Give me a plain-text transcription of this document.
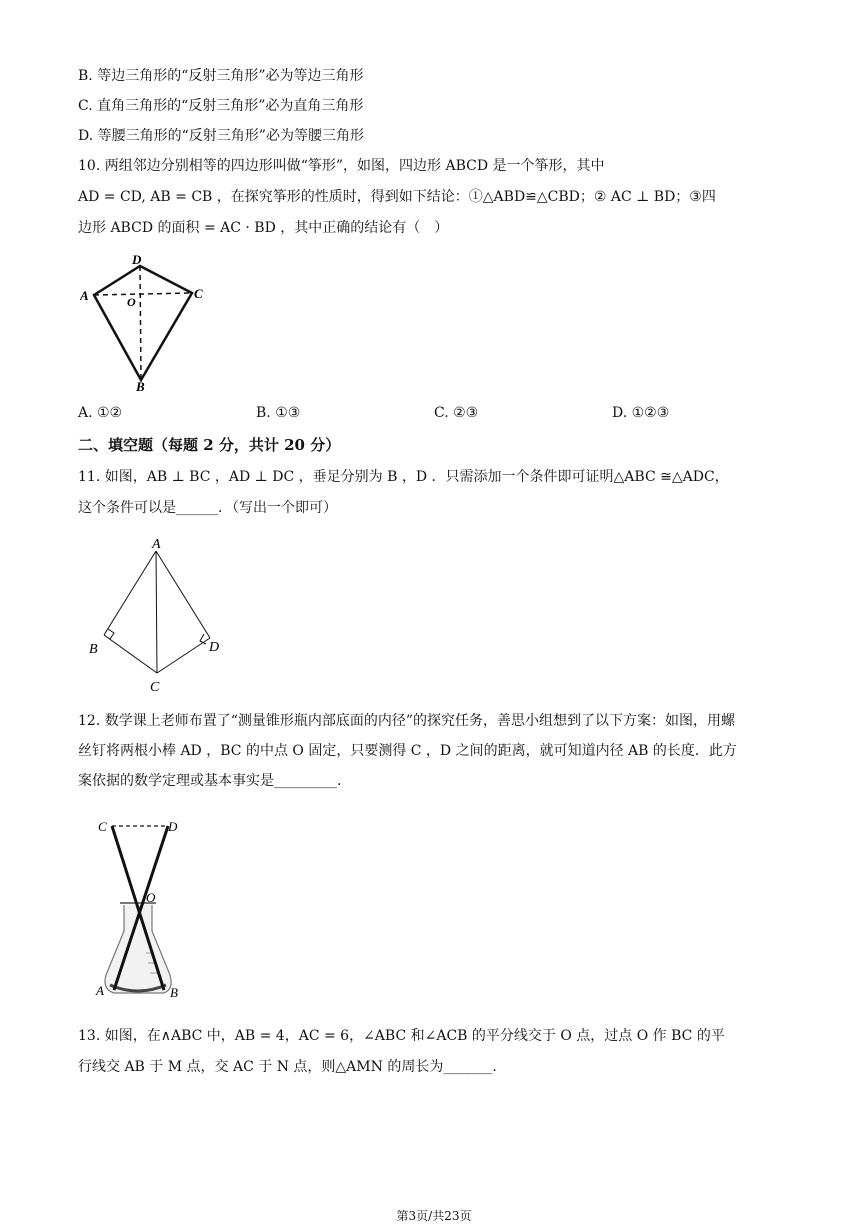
B. 等边三角形的“反射三角形”必为等边三角形
C. 直角三角形的“反射三角形”必为直角三角形
D. 等腰三角形的“反射三角形”必为等腰三角形
10. 两组邻边分别相等的四边形叫做“筝形”，如图，四边形 ABCD 是一个筝形，其中
AD = CD, AB = CB ，在探究筝形的性质时，得到如下结论：①△ABD≌△CBD；② AC ⊥ BD；③四
边形 ABCD 的面积 = AC · BD ，其中正确的结论有（　）
A
D
C
B
O
A. ①②	B. ①③	C. ②③	D. ①②③
二、填空题（每题 2 分，共计 20 分）
11. 如图，AB ⊥ BC ，AD ⊥ DC ，垂足分别为 B ，D ．只需添加一个条件即可证明△ABC ≅△ADC，
这个条件可以是______．（写出一个即可）
A
B	D
C
12. 数学课上老师布置了“测量锥形瓶内部底面的内径”的探究任务，善思小组想到了以下方案：如图，用螺
丝钉将两根小棒 AD ，BC 的中点 O 固定，只要测得 C ，D 之间的距离，就可知道内径 AB 的长度．此方
案依据的数学定理或基本事实是_________．
C	D
O
A	B
13. 如图，在∧ABC 中，AB = 4，AC = 6，∠ABC 和∠ACB 的平分线交于 O 点，过点 O 作 BC 的平
行线交 AB 于 M 点，交 AC 于 N 点，则△AMN 的周长为_______．
第3页/共23页
